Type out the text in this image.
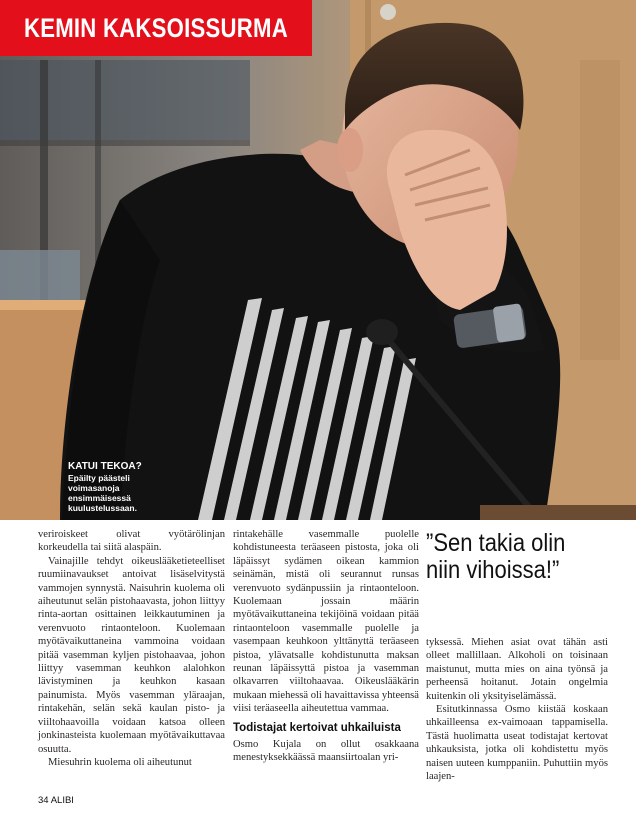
KEMIN KAKSOISSURMA
KATUI TEKOA?
Epäilty päästeli voimasanoja ensimmäisessä kuulustelussaan.

veriroiskeet olivat vyötärölinjan korkeudella tai siitä alaspäin.

Vainajille tehdyt oikeuslääketieteelliset ruumiinavaukset antoivat lisäselvitystä vammojen synnystä. Naisuhrin kuolema oli aiheutunut selän pistohaavasta, johon liittyy rinta-aortan osittainen leikkautuminen ja verenvuoto rintaonteloon. Kuolemaan myötävaikuttaneina vammoina voidaan pitää vasemman kyljen pistohaavaa, johon liittyy vasemman keuhkon alalohkon lävistyminen ja keuhkon kasaan painumista. Myös vasemman yläraajan, rintakehän, selän sekä kaulan pisto- ja viiltohaavoilla voidaan katsoa olleen jonkinasteista kuolemaan myötävaikuttavaa osuutta.

Miesuhrin kuolema oli aiheutunut

rintakehälle vasemmalle puolelle kohdistuneesta teräaseen pistosta, joka oli läpäissyt sydämen oikean kammion seinämän, mistä oli seurannut runsas verenvuoto sydänpussiin ja rintaonteloon. Kuolemaan jossain määrin myötävaikuttaneina tekijöinä voidaan pitää rintaonteloon vasemmalle puolelle ja vasempaan keuhkoon ylttänyttä teräaseen pistoa, ylävatsalle kohdistunutta maksan reunan läpäissyttä pistoa ja vasemman olkavarren viiltohaavaa. Oikeuslääkärin mukaan miehessä oli havaittavissa yhteensä viisi teräaseella aiheutettua vammaa.

Todistajat kertoivat uhkailuista

Osmo Kujala on ollut osakkaana menestyksekkäässä maansiirtoalan yri-

”Sen takia olin niin vihoissa!”

tyksessä. Miehen asiat ovat tähän asti olleet mallillaan. Alkoholi on toisinaan maistunut, mutta mies on aina työnsä ja perheensä hoitanut. Jotain ongelmia kuitenkin oli yksityiselämässä.

Esitutkinnassa Osmo kiistää koskaan uhkailleensa ex-vaimoaan tappamisella. Tästä huolimatta useat todistajat kertovat uhkauksista, jotka oli kohdistettu myös naisen uuteen kumppaniin. Puhuttiin myös laajen-

34 ALIBI
